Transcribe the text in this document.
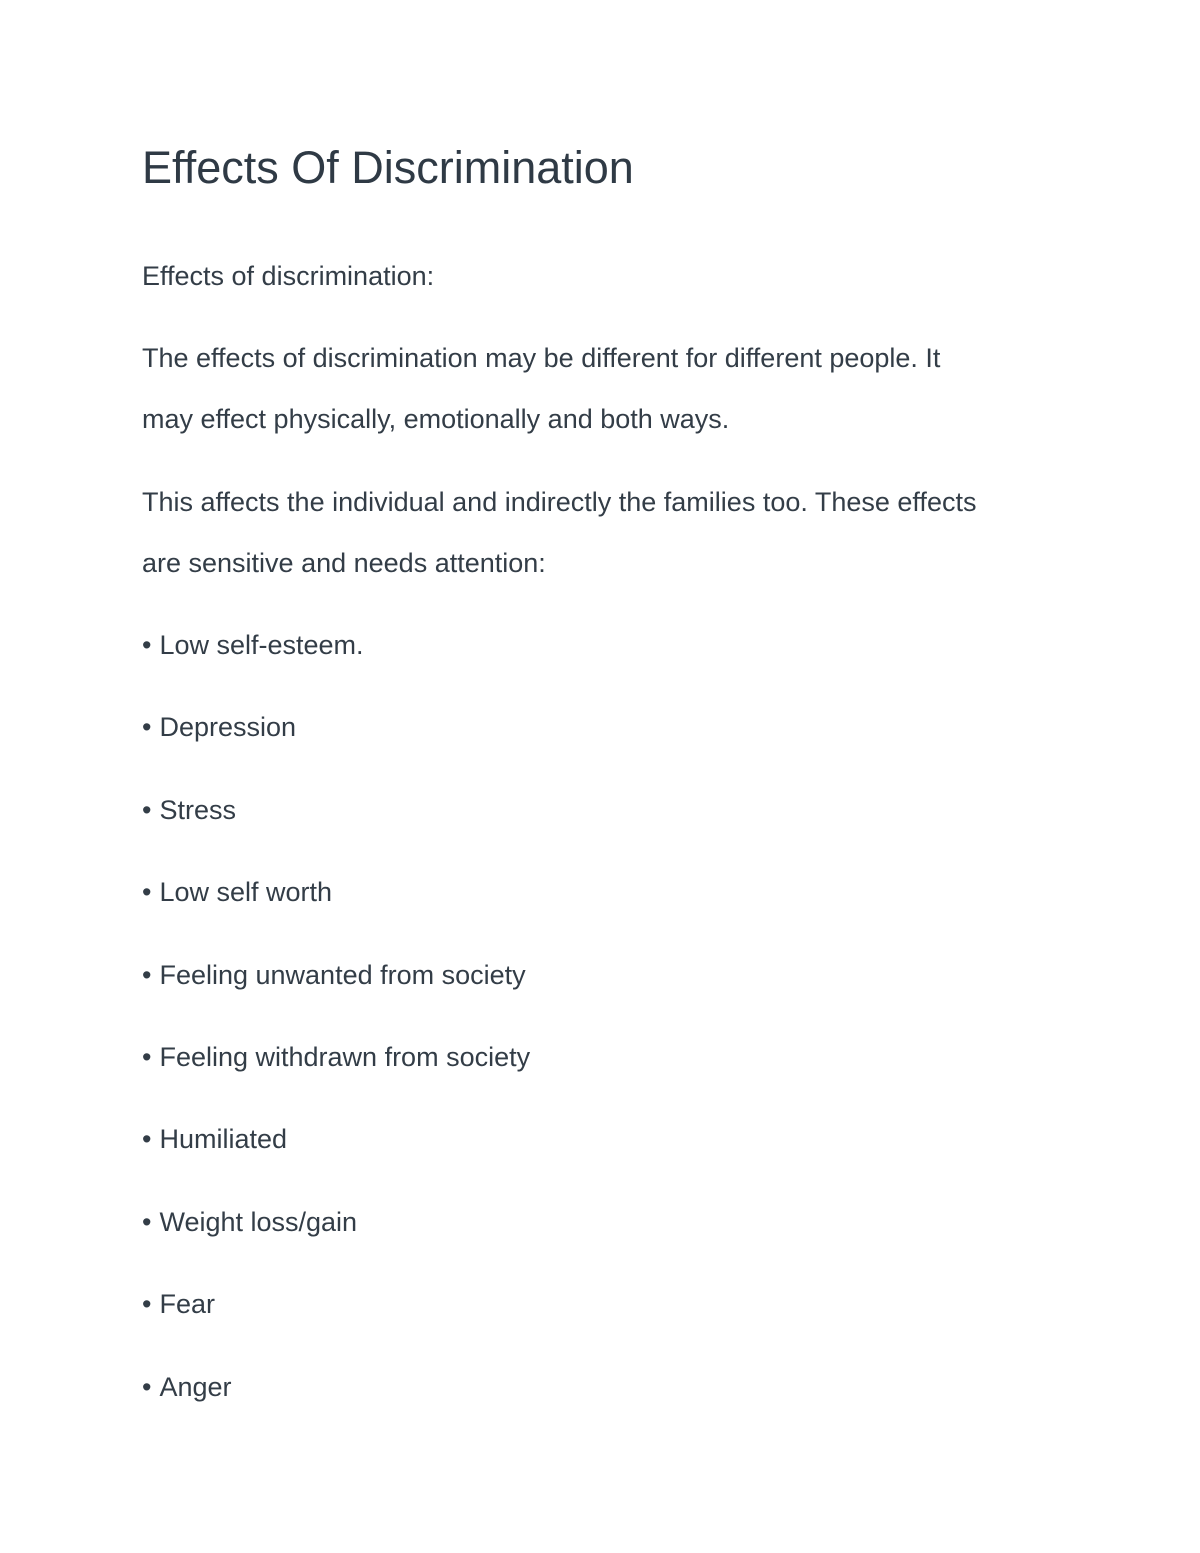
Effects Of Discrimination

Effects of discrimination:

The effects of discrimination may be different for different people. It

may effect physically, emotionally and both ways.

This affects the individual and indirectly the families too. These effects

are sensitive and needs attention:

• Low self-esteem.

• Depression

• Stress

• Low self worth

• Feeling unwanted from society

• Feeling withdrawn from society

• Humiliated

• Weight loss/gain

• Fear

• Anger
